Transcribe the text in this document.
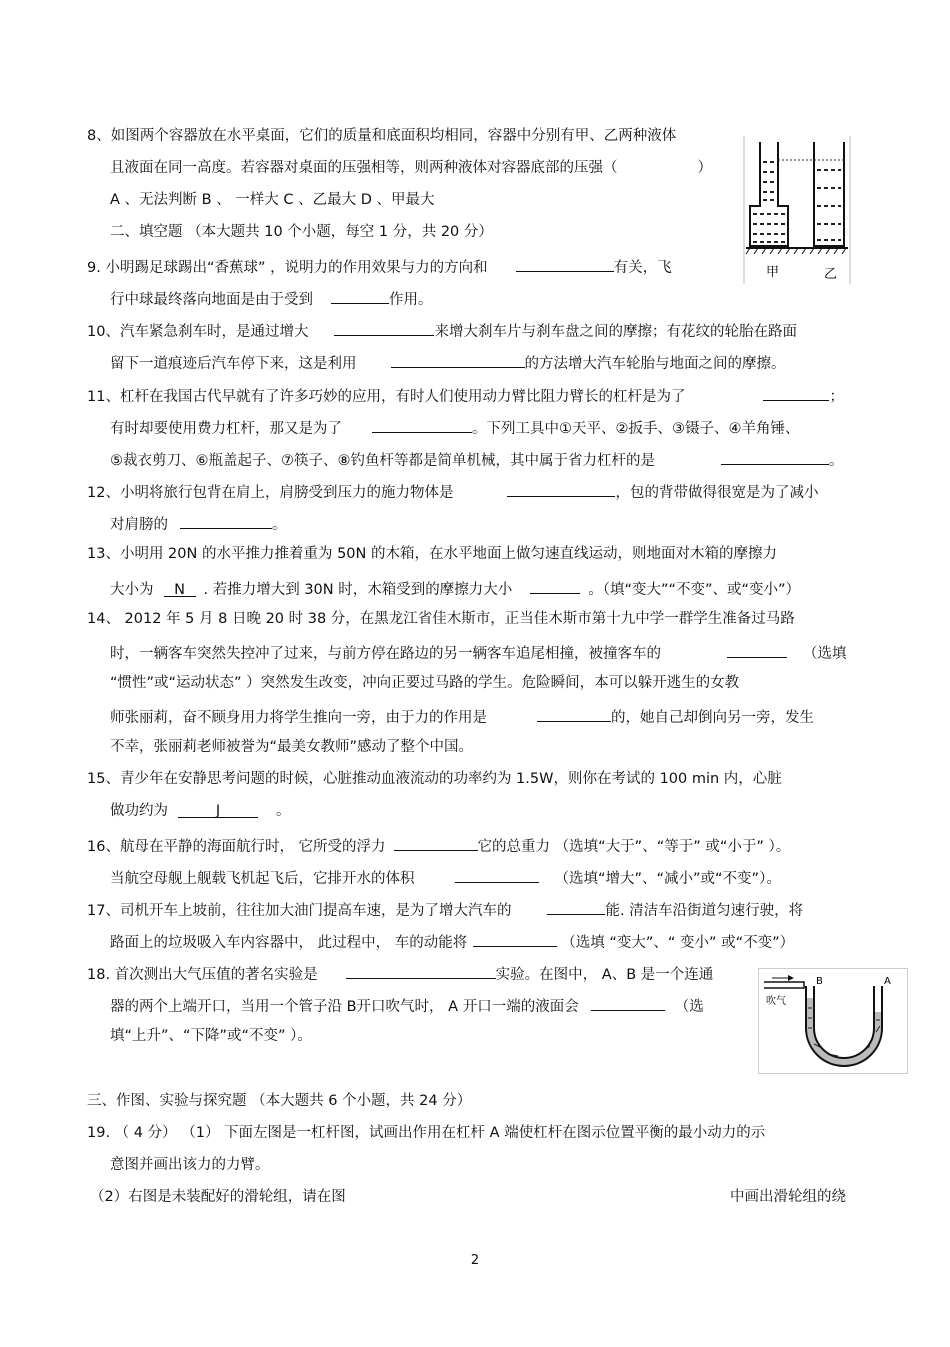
8、如图两个容器放在水平桌面，它们的质量和底面积均相同，容器中分别有甲、乙两种液体
且液面在同一高度。若容器对桌面的压强相等，则两种液体对容器底部的压强（	）
A 、无法判断 B 、 一样大 C 、乙最大 D 、甲最大
甲	乙
二、填空题 （本大题共 10 个小题，每空 1 分，共 20 分）
9. 小明踢足球踢出“香蕉球” ，说明力的作用效果与力的方向和	有关，飞
行中球最终落向地面是由于受到	作用。
10、汽车紧急刹车时，是通过增大	来增大刹车片与刹车盘之间的摩擦；有花纹的轮胎在路面
留下一道痕迹后汽车停下来，这是利用	的方法增大汽车轮胎与地面之间的摩擦。
11、杠杆在我国古代早就有了许多巧妙的应用，有时人们使用动力臂比阻力臂长的杠杆是为了	；
有时却要使用费力杠杆，那又是为了	。下列工具中①天平、②扳手、③镊子、④羊角锤、
⑤裁衣剪刀、⑥瓶盖起子、⑦筷子、⑧钓鱼杆等都是简单机械，其中属于省力杠杆的是	。
12、小明将旅行包背在肩上，肩膀受到压力的施力物体是	，包的背带做得很宽是为了减小
对肩膀的	。
13、小明用 20N 的水平推力推着重为 50N 的木箱，在水平地面上做匀速直线运动，则地面对木箱的摩擦力
大小为 N . 若推力增大到 30N 时，木箱受到的摩擦力大小	。（填“变大”“不变”、或“变小”）
14、 2012 年 5 月 8 日晚 20 时 38 分，在黑龙江省佳木斯市，正当佳木斯市第十九中学一群学生准备过马路
时，一辆客车突然失控冲了过来，与前方停在路边的另一辆客车追尾相撞，被撞客车的	（选填
“惯性”或“运动状态” ）突然发生改变，冲向正要过马路的学生。危险瞬间，本可以躲开逃生的女教
师张丽莉，奋不顾身用力将学生推向一旁，由于力的作用是	的，她自己却倒向另一旁，发生
不幸，张丽莉老师被誉为“最美女教师”感动了整个中国。
15、青少年在安静思考问题的时候，心脏推动血液流动的功率约为 1.5W，则你在考试的 100 min 内，心脏
做功约为	J	。
16、航母在平静的海面航行时， 它所受的浮力	它的总重力 （选填“大于”、“等于” 或“小于” ）。
当航空母舰上舰载飞机起飞后，它排开水的体积	（选填“增大”、“减小”或“不变”）。
17、司机开车上坡前，往往加大油门提高车速，是为了增大汽车的	能. 清洁车沿街道匀速行驶，将
路面上的垃圾吸入车内容器中， 此过程中， 车的动能将	（选填 “变大”、“ 变小” 或“不变”）
18. 首次测出大气压值的著名实验是	实验。在图中， A、B 是一个连通
器的两个上端开口，当用一个管子沿 B开口吹气时， A 开口一端的液面会	（选
填“上升”、“下降”或“不变” ）。
吹气
B	A
三、作图、实验与探究题 （本大题共 6 个小题，共 24 分）
19. （ 4 分） （1） 下面左图是一杠杆图，试画出作用在杠杆 A 端使杠杆在图示位置平衡的最小动力的示
意图并画出该力的力臂。
（2）右图是未装配好的滑轮组，请在图	中画出滑轮组的绕
2
